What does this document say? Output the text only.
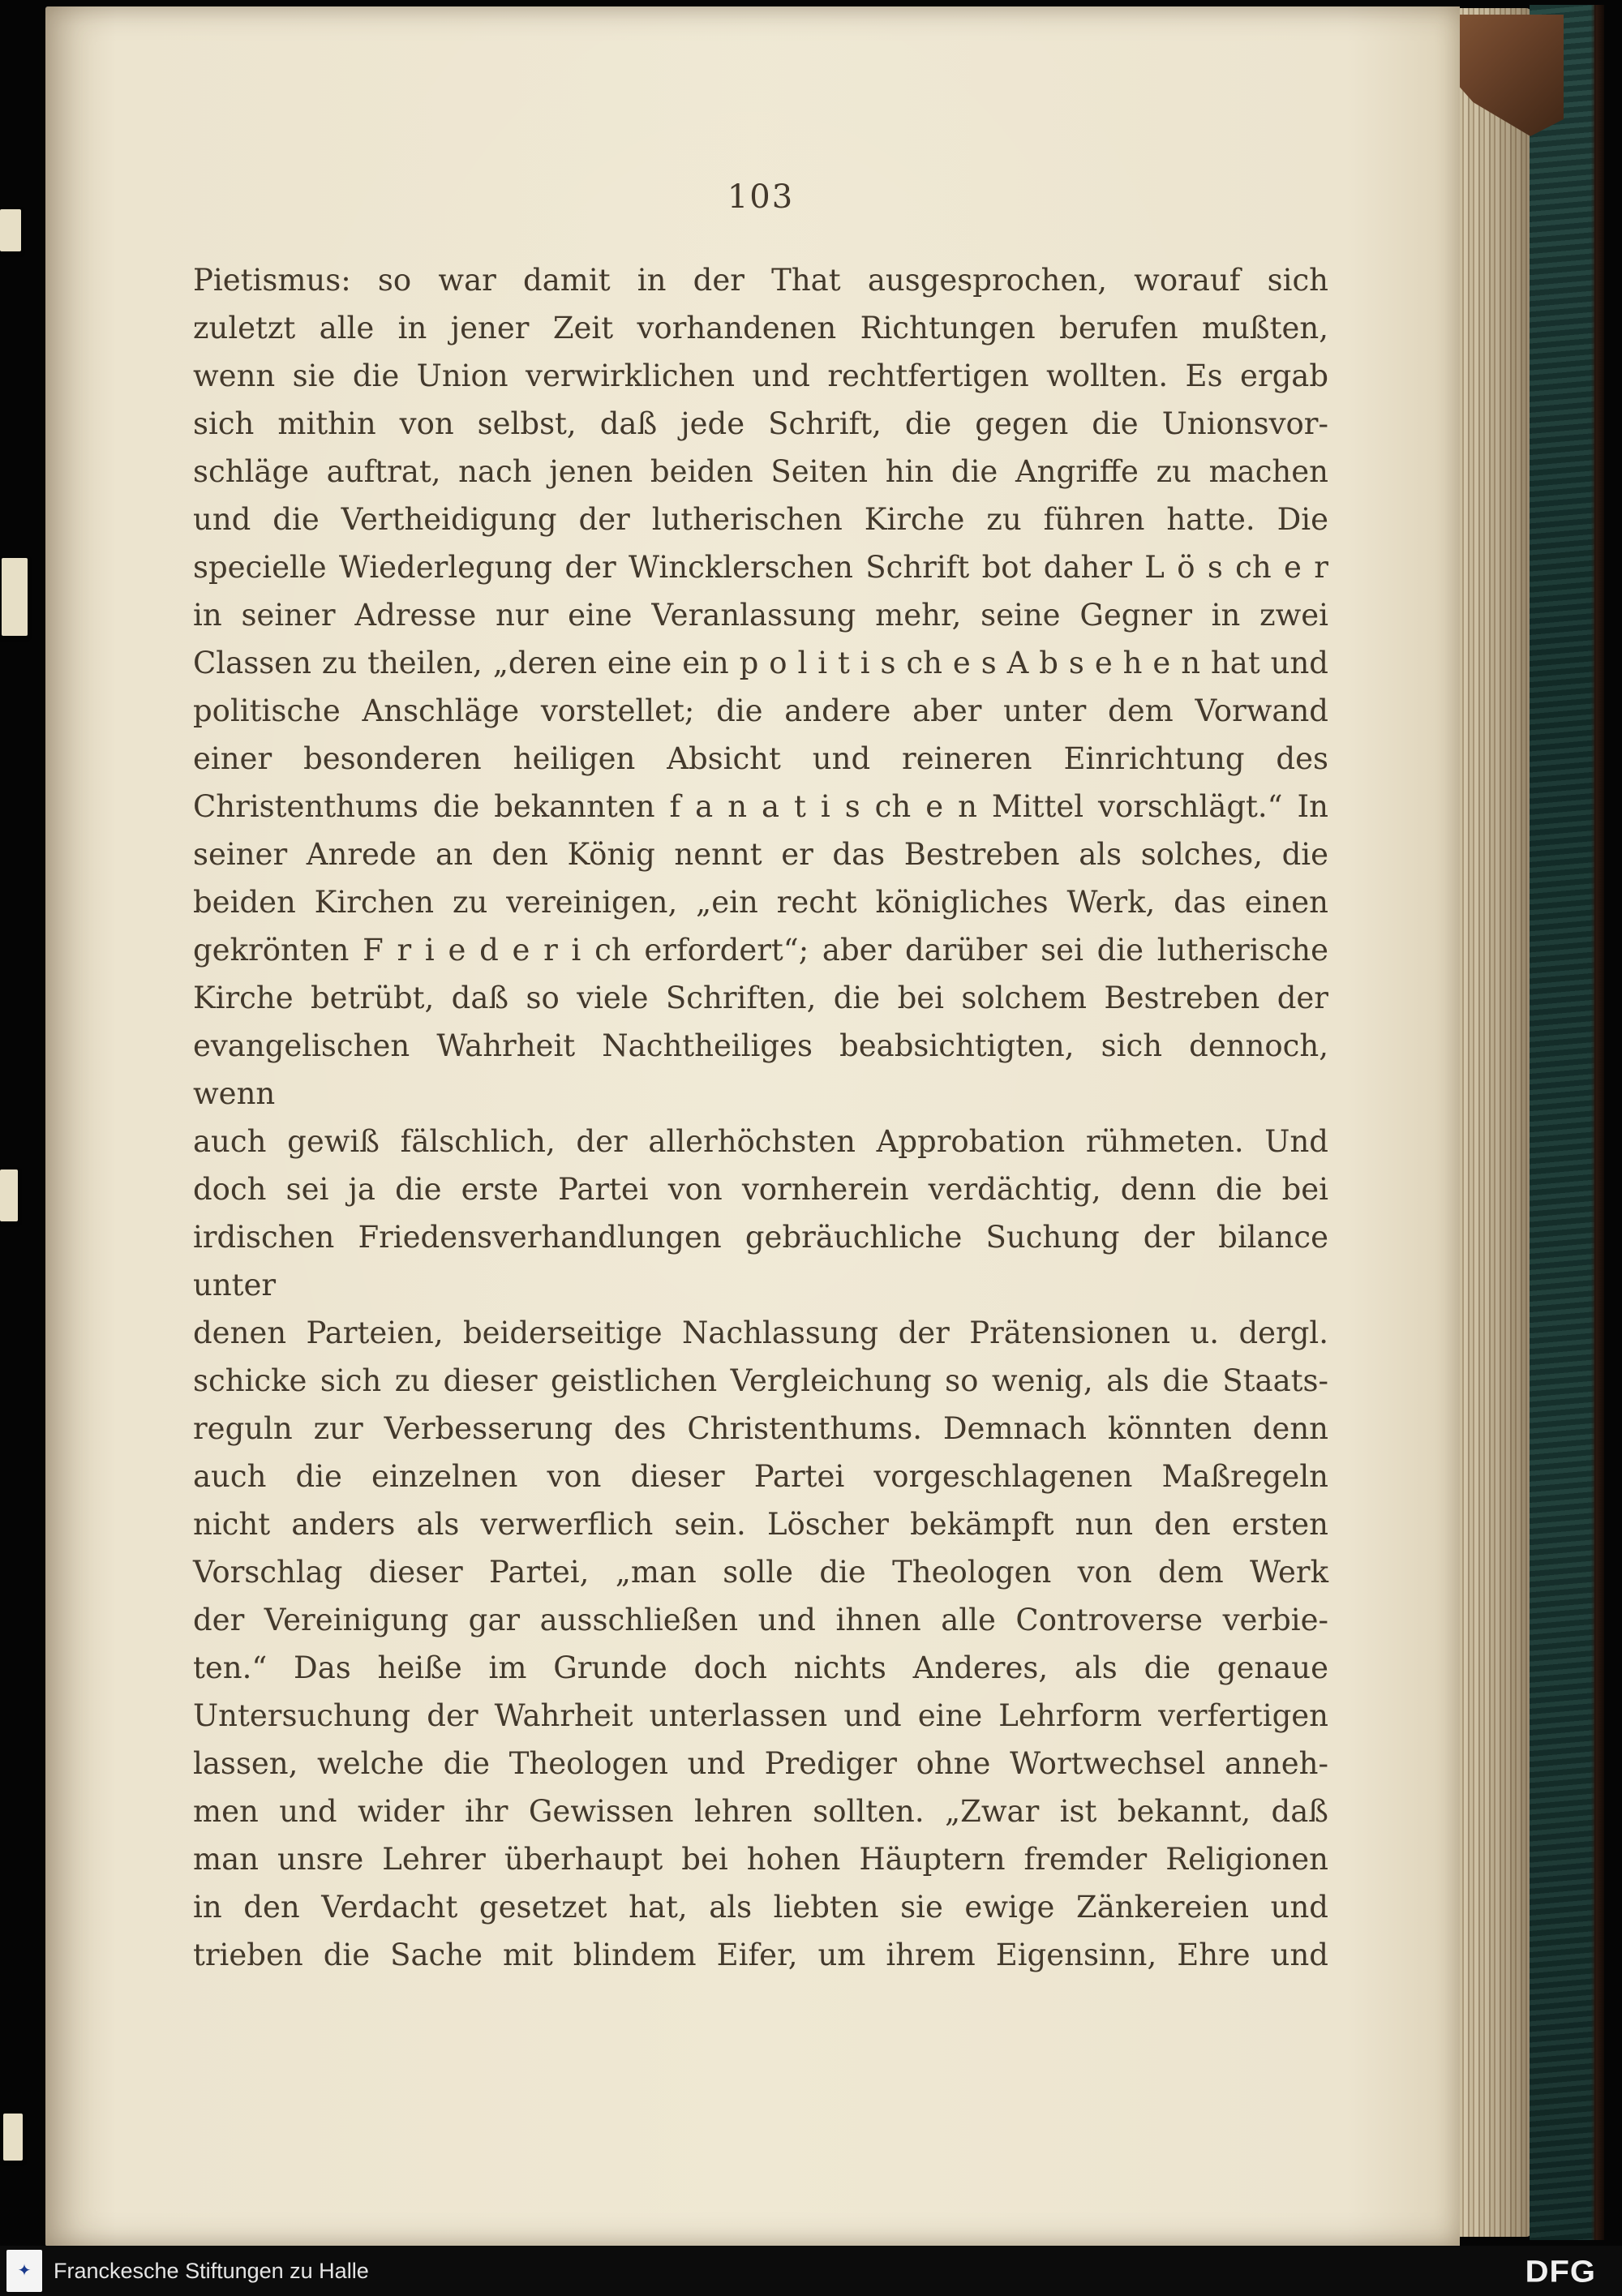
103
Pietismus: so war damit in der That ausgesprochen, worauf sich
zuletzt alle in jener Zeit vorhandenen Richtungen berufen mußten,
wenn sie die Union verwirklichen und rechtfertigen wollten. Es ergab
sich mithin von selbst, daß jede Schrift, die gegen die Unionsvor-
schläge auftrat, nach jenen beiden Seiten hin die Angriffe zu machen
und die Vertheidigung der lutherischen Kirche zu führen hatte. Die
specielle Wiederlegung der Wincklerschen Schrift bot daher L ö s ch e r
in seiner Adresse nur eine Veranlassung mehr, seine Gegner in zwei
Classen zu theilen, „deren eine ein p o l i t i s ch e s A b s e h e n hat und
politische Anschläge vorstellet; die andere aber unter dem Vorwand
einer besonderen heiligen Absicht und reineren Einrichtung des
Christenthums die bekannten f a n a t i s ch e n Mittel vorschlägt.“ In
seiner Anrede an den König nennt er das Bestreben als solches, die
beiden Kirchen zu vereinigen, „ein recht königliches Werk, das einen
gekrönten F r i e d e r i ch erfordert“; aber darüber sei die lutherische
Kirche betrübt, daß so viele Schriften, die bei solchem Bestreben der
evangelischen Wahrheit Nachtheiliges beabsichtigten, sich dennoch, wenn
auch gewiß fälschlich, der allerhöchsten Approbation rühmeten. Und
doch sei ja die erste Partei von vornherein verdächtig, denn die bei
irdischen Friedensverhandlungen gebräuchliche Suchung der bilance unter
denen Parteien, beiderseitige Nachlassung der Prätensionen u. dergl.
schicke sich zu dieser geistlichen Vergleichung so wenig, als die Staats-
reguln zur Verbesserung des Christenthums. Demnach könnten denn
auch die einzelnen von dieser Partei vorgeschlagenen Maßregeln
nicht anders als verwerflich sein. Löscher bekämpft nun den ersten
Vorschlag dieser Partei, „man solle die Theologen von dem Werk
der Vereinigung gar ausschließen und ihnen alle Controverse verbie-
ten.“ Das heiße im Grunde doch nichts Anderes, als die genaue
Untersuchung der Wahrheit unterlassen und eine Lehrform verfertigen
lassen, welche die Theologen und Prediger ohne Wortwechsel anneh-
men und wider ihr Gewissen lehren sollten. „Zwar ist bekannt, daß
man unsre Lehrer überhaupt bei hohen Häuptern fremder Religionen
in den Verdacht gesetzet hat, als liebten sie ewige Zänkereien und
trieben die Sache mit blindem Eifer, um ihrem Eigensinn, Ehre und
✦ Franckesche Stiftungen zu Halle	DFG
